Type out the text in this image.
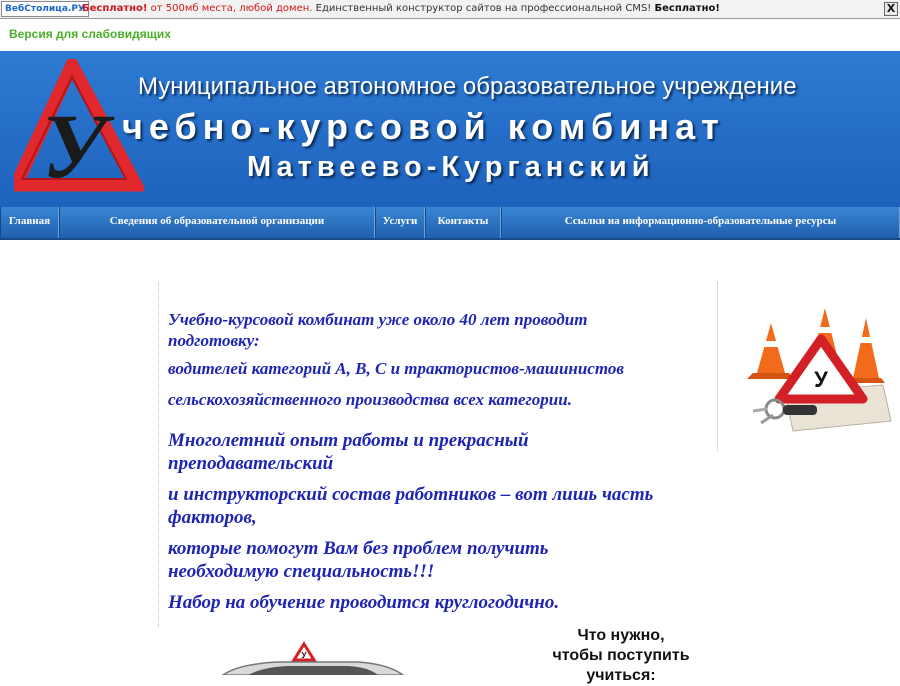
ВебСтолица.РУ
Бесплатно! от 500мб места, любой домен. Единственный конструктор сайтов на профессиональной CMS! Бесплатно!	X
Версия для слабовидящих
У
Муниципальное автономное образовательное учреждение
чебно-курсовой комбинат
Матвеево-Курганский
Главная	Сведения об образовательной организации	Услуги	Контакты	Ссылки на информационно-образовательные ресурсы
Учебно-курсовой комбинат уже около 40 лет проводит
подготовку:
водителей категорий А, В, С и трактористов-машинистов
сельскохозяйственного производства всех категории.
Многолетний опыт работы и прекрасный
преподавательский
и инструкторский состав работников – вот лишь часть
факторов,
которые помогут Вам без проблем получить
необходимую специальность!!!
Набор на обучение проводится круглогодично.
У
У
Что нужно,
чтобы поступить
учиться:
